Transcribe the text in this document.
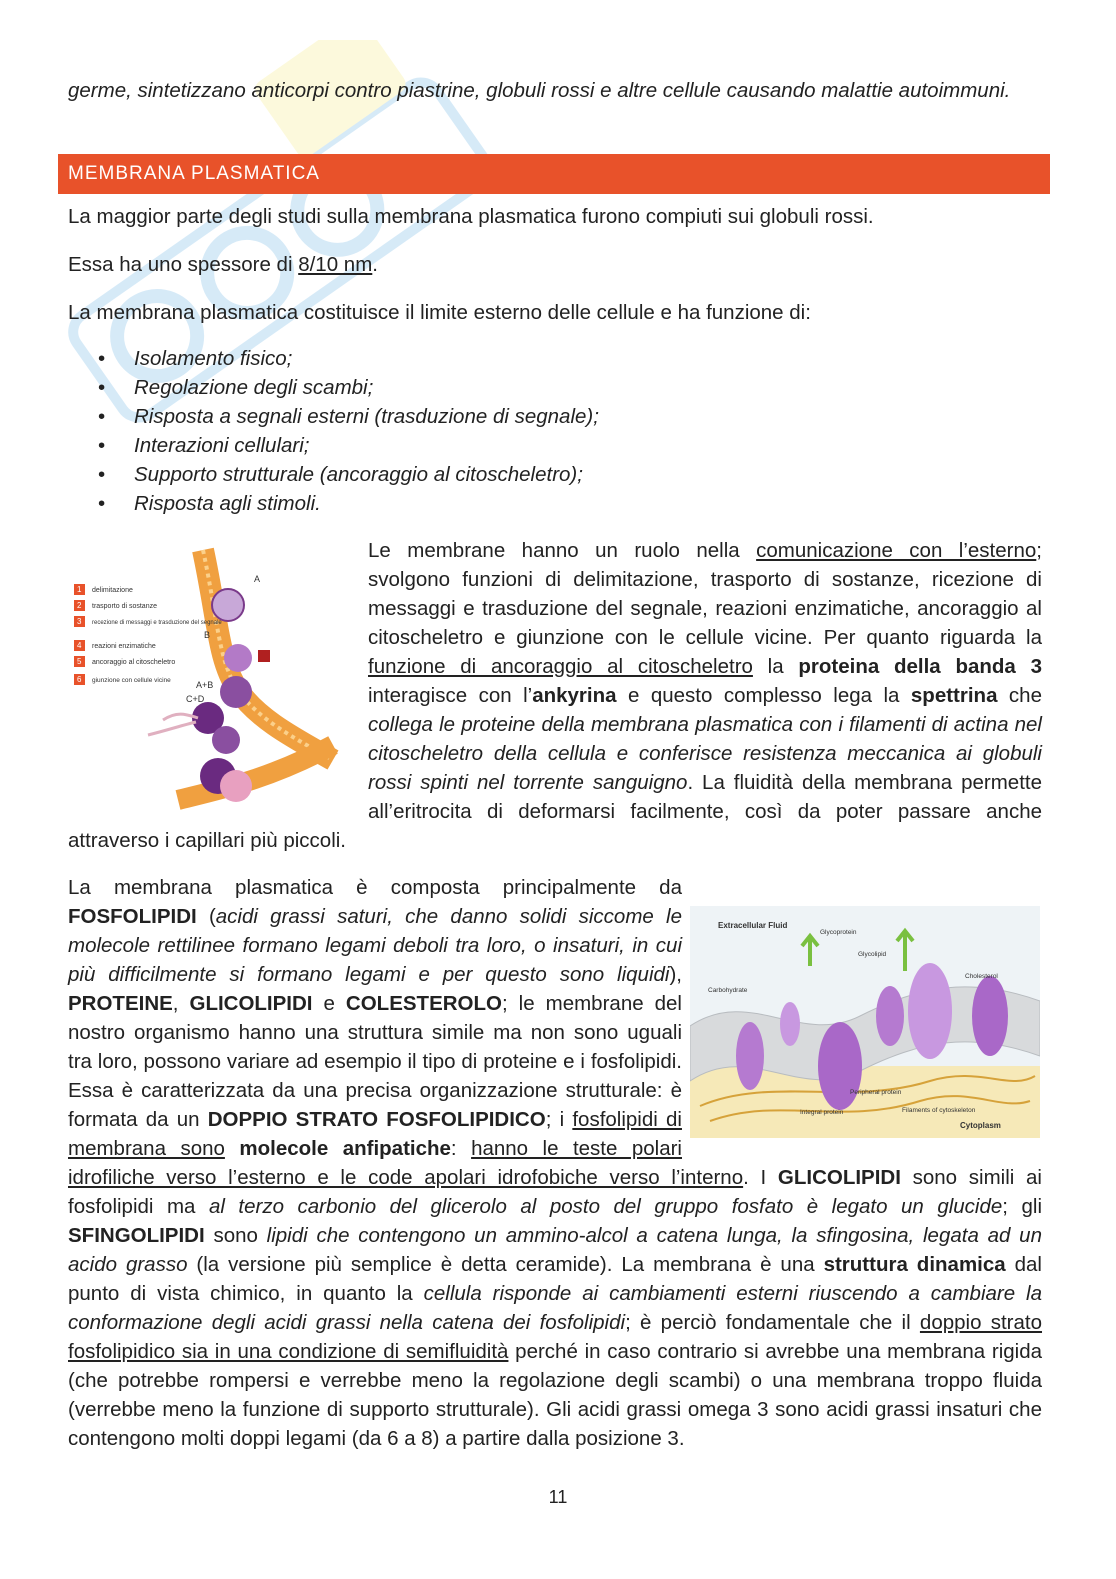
germe, sintetizzano anticorpi contro piastrine, globuli rossi e altre cellule causando malattie autoimmuni.

MEMBRANA PLASMATICA

La maggior parte degli studi sulla membrana plasmatica furono compiuti sui globuli rossi.

Essa ha uno spessore di 8/10 nm.

La membrana plasmatica costituisce il limite esterno delle cellule e ha funzione di:

• Isolamento fisico;
• Regolazione degli scambi;
• Risposta a segnali esterni (trasduzione di segnale);
• Interazioni cellulari;
• Supporto strutturale (ancoraggio al citoscheletro);
• Risposta agli stimoli.
1 delimitazione
2 trasporto di sostanze
3 recezione di messaggi e trasduzione del segnale
4 reazioni enzimatiche
5 ancoraggio al citoscheletro
6 giunzione con cellule vicine
A
B
A+B
C+D

Le membrane hanno un ruolo nella comunicazione con l’esterno; svolgono funzioni di delimitazione, trasporto di sostanze, ricezione di messaggi e trasduzione del segnale, reazioni enzimatiche, ancoraggio al citoscheletro e giunzione con le cellule vicine. Per quanto riguarda la funzione di ancoraggio al citoscheletro la proteina della banda 3 interagisce con l’ankyrina e questo complesso lega la spettrina che collega le proteine della membrana plasmatica con i filamenti di actina nel citoscheletro della cellula e conferisce resistenza meccanica ai globuli rossi spinti nel torrente sanguigno. La fluidità della membrana permette all’eritrocita di deformarsi facilmente, così da poter passare anche attraverso i capillari più piccoli.

Extracellular Fluid
Glycoprotein
Glycolipid
Carbohydrate
Cholesterol
Peripheral protein
Integral protein	Filaments of cytoskeleton
Cytoplasm

La membrana plasmatica è composta principalmente da FOSFOLIPIDI (acidi grassi saturi, che danno solidi siccome le molecole rettilinee formano legami deboli tra loro, o insaturi, in cui più difficilmente si formano legami e per questo sono liquidi), PROTEINE, GLICOLIPIDI e COLESTEROLO; le membrane del nostro organismo hanno una struttura simile ma non sono uguali tra loro, possono variare ad esempio il tipo di proteine e i fosfolipidi. Essa è caratterizzata da una precisa organizzazione strutturale: è formata da un DOPPIO STRATO FOSFOLIPIDICO; i fosfolipidi di membrana sono molecole anfipatiche: hanno le teste polari idrofiliche verso l’esterno e le code apolari idrofobiche verso l’interno. I GLICOLIPIDI sono simili ai fosfolipidi ma al terzo carbonio del glicerolo al posto del gruppo fosfato è legato un glucide; gli SFINGOLIPIDI sono lipidi che contengono un ammino-alcol a catena lunga, la sfingosina, legata ad un acido grasso (la versione più semplice è detta ceramide). La membrana è una struttura dinamica dal punto di vista chimico, in quanto la cellula risponde ai cambiamenti esterni riuscendo a cambiare la conformazione degli acidi grassi nella catena dei fosfolipidi; è perciò fondamentale che il doppio strato fosfolipidico sia in una condizione di semifluidità perché in caso contrario si avrebbe una membrana rigida (che potrebbe rompersi e verrebbe meno la regolazione degli scambi) o una membrana troppo fluida (verrebbe meno la funzione di supporto strutturale). Gli acidi grassi omega 3 sono acidi grassi insaturi che contengono molti doppi legami (da 6 a 8) a partire dalla posizione 3.

11
